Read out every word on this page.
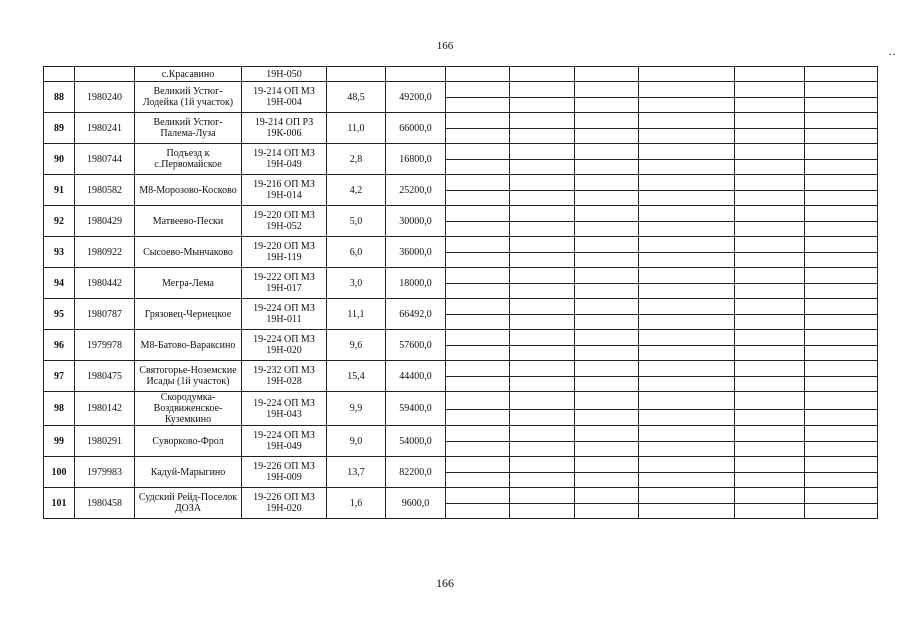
166	..
		с.Красавино	19Н-050								
88	1980240	Великий Устюг-Лодейка (1й участок)	19-214 ОП МЗ 19Н-004	48,5	49200,0	

89	1980241	Великий Устюг-Палема-Луза	19-214 ОП РЗ 19К-006	11,0	66000,0	

90	1980744	Подъезд к с.Первомайское	19-214 ОП МЗ 19Н-049	2,8	16800,0	

91	1980582	М8-Морозово-Косково	19-216 ОП МЗ 19Н-014	4,2	25200,0	

92	1980429	Матвеево-Пески	19-220 ОП МЗ 19Н-052	5,0	30000,0	

93	1980922	Сысоево-Мынчаково	19-220 ОП МЗ 19Н-119	6,0	36000,0	

94	1980442	Мегра-Лема	19-222 ОП МЗ 19Н-017	3,0	18000,0	

95	1980787	Грязовец-Чернецкое	19-224 ОП МЗ 19Н-011	11,1	66492,0	

96	1979978	М8-Батово-Вараксино	19-224 ОП МЗ 19Н-020	9,6	57600,0	

97	1980475	Святогорье-Ноземские Исады (1й участок)	19-232 ОП МЗ 19Н-028	15,4	44400,0	

98	1980142	Скородумка-Воздвиженское-Куземкино	19-224 ОП МЗ 19Н-043	9,9	59400,0	

99	1980291	Суворково-Фрол	19-224 ОП МЗ 19Н-049	9,0	54000,0	

100	1979983	Кадуй-Марыгино	19-226 ОП МЗ 19Н-009	13,7	82200,0	

101	1980458	Судский Рейд-Поселок ДОЗА	19-226 ОП МЗ 19Н-020	1,6	9600,0	

166
